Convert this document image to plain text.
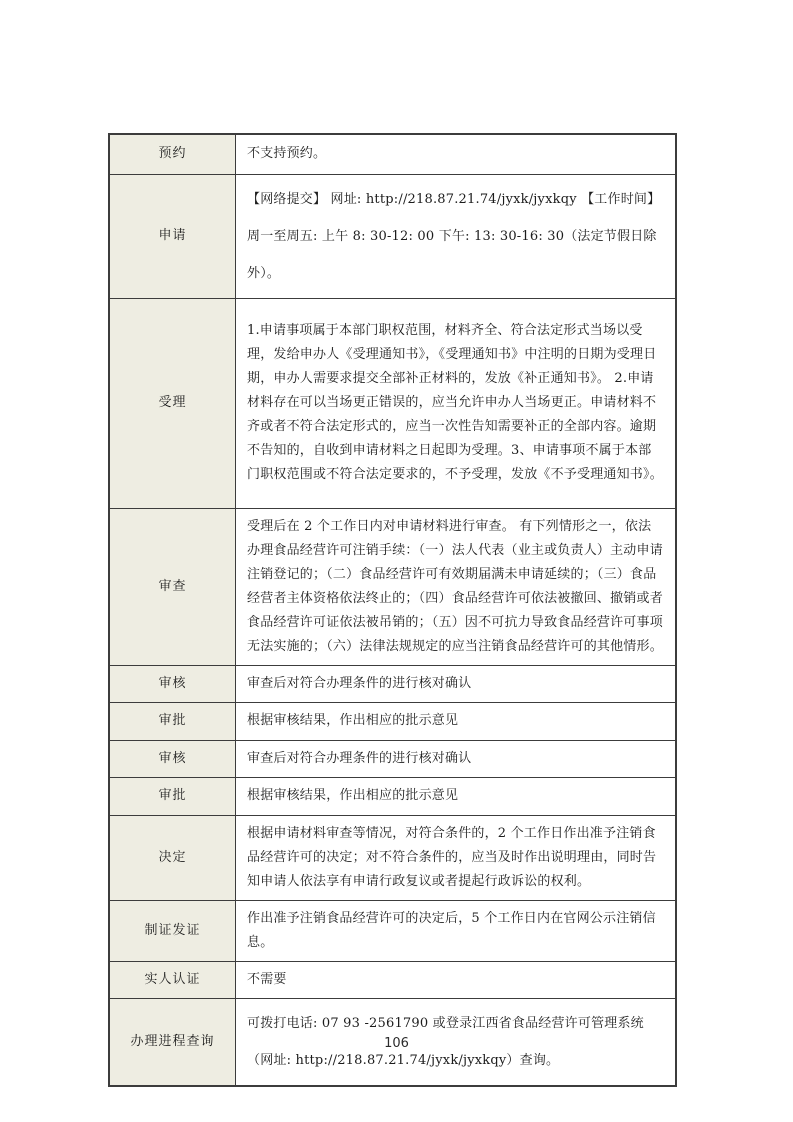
预约	不支持预约。
申请	【网络提交】 网址: http://218.87.21.74/jyxk/jyxkqy 【工作时间】 周一至周五: 上午 8: 30-12: 00 下午: 13: 30-16: 30（法定节假日除外）。
受理	1.申请事项属于本部门职权范围，材料齐全、符合法定形式当场以受理，发给申办人《受理通知书》，《受理通知书》中注明的日期为受理日期，申办人需要求提交全部补正材料的，发放《补正通知书》。 2.申请材料存在可以当场更正错误的，应当允许申办人当场更正。申请材料不齐或者不符合法定形式的，应当一次性告知需要补正的全部内容。逾期不告知的，自收到申请材料之日起即为受理。3、申请事项不属于本部门职权范围或不符合法定要求的，不予受理，发放《不予受理通知书》。
审查	受理后在 2 个工作日内对申请材料进行审查。 有下列情形之一，依法办理食品经营许可注销手续：（一）法人代表（业主或负责人）主动申请注销登记的；（二）食品经营许可有效期届满未申请延续的；（三）食品经营者主体资格依法终止的；（四）食品经营许可依法被撤回、撤销或者食品经营许可证依法被吊销的；（五）因不可抗力导致食品经营许可事项无法实施的；（六）法律法规规定的应当注销食品经营许可的其他情形。
审核	审查后对符合办理条件的进行核对确认
审批	根据审核结果，作出相应的批示意见
审核	审查后对符合办理条件的进行核对确认
审批	根据审核结果，作出相应的批示意见
决定	根据申请材料审查等情况，对符合条件的，2 个工作日作出准予注销食品经营许可的决定；对不符合条件的，应当及时作出说明理由，同时告知申请人依法享有申请行政复议或者提起行政诉讼的权利。
制证发证	作出准予注销食品经营许可的决定后，5 个工作日内在官网公示注销信息。
实人认证	不需要
办理进程查询	可拨打电话: 07 93 -2561790 或登录江西省食品经营许可管理系统（网址: http://218.87.21.74/jyxk/jyxkqy）查询。
106
